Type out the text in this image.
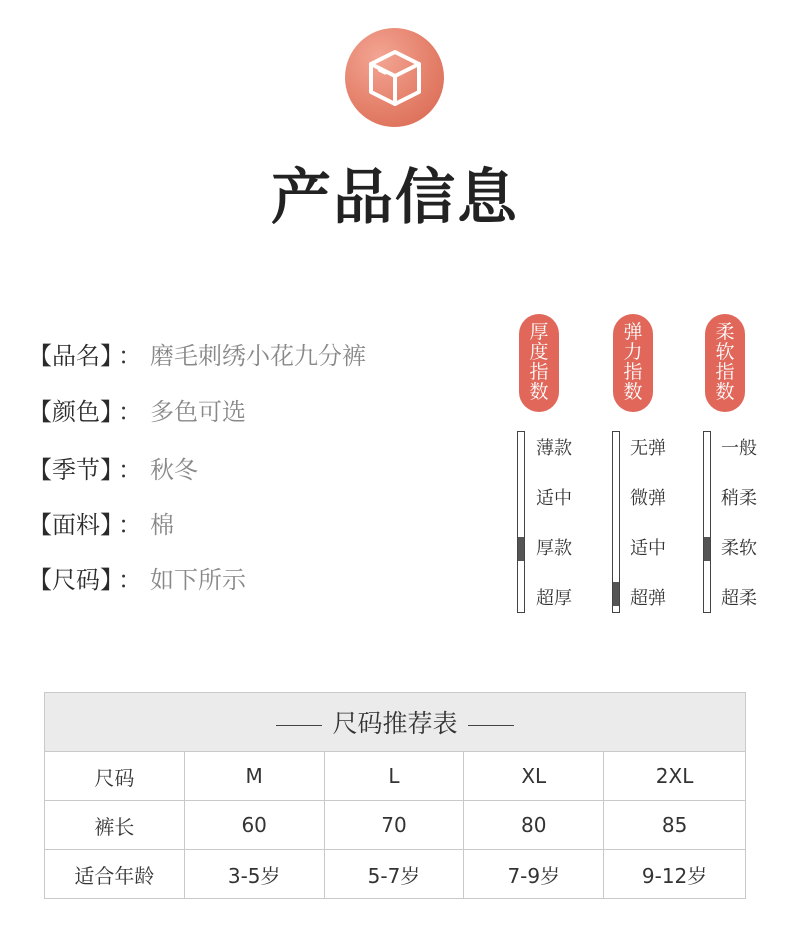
产品信息
【品名】 ： 磨毛刺绣小花九分裤
【颜色】 ： 多色可选
【季节】 ： 秋冬
【面料】 ： 棉
【尺码】 ： 如下所示
厚
度
指
数
弹
力
指
数
柔
软
指
数
薄款
适中
厚款
超厚
无弹
微弹
适中
超弹
一般
稍柔
柔软
超柔
尺码推荐表				
尺码	M	L	XL	2XL
裤长	60	70	80	85
适合年龄	3-5岁	5-7岁	7-9岁	9-12岁
